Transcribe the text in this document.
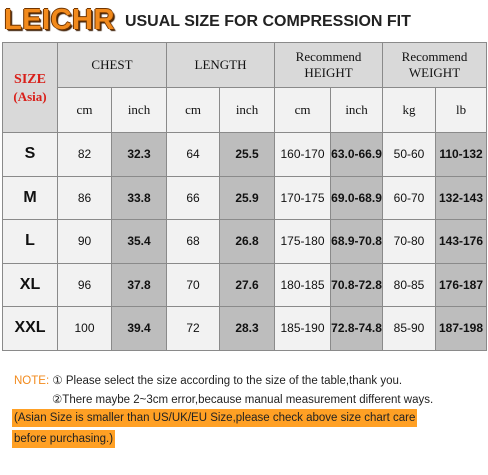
LEICHR USUAL SIZE FOR COMPRESSION FIT
SIZE
(Asia)	CHEST		LENGTH		Recommend HEIGHT		Recommend WEIGHT	

	cm	inch	cm	inch	cm	inch	kg	lb
S	82	32.3	64	25.5	160-170	63.0-66.9	50-60	110-132
M	86	33.8	66	25.9	170-175	69.0-68.9	60-70	132-143
L	90	35.4	68	26.8	175-180	68.9-70.8	70-80	143-176
XL	96	37.8	70	27.6	180-185	70.8-72.8	80-85	176-187
XXL	100	39.4	72	28.3	185-190	72.8-74.8	85-90	187-198
NOTE: ① Please select the size according to the size of the table,thank you.
②There maybe 2~3cm error,because manual measurement different ways.
(Asian Size is smaller than US/UK/EU Size,please check above size chart care
before purchasing.)
